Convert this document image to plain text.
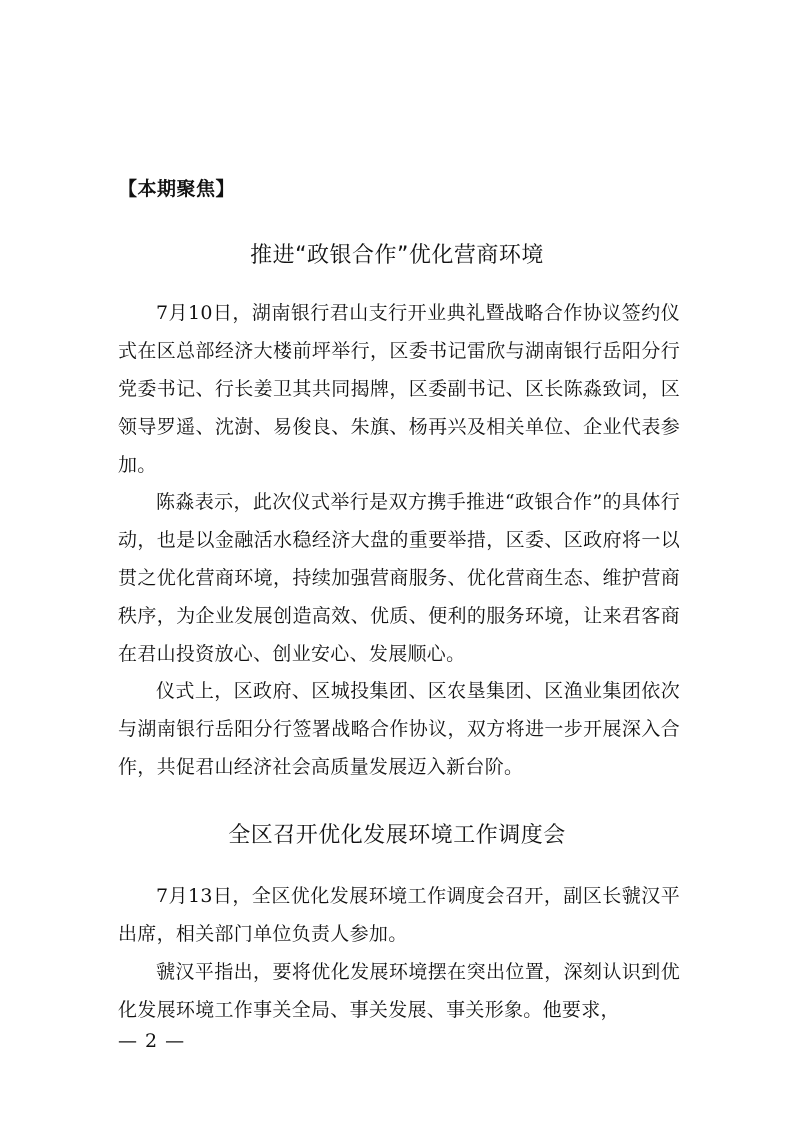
【本期聚焦】
推进“政银合作”优化营商环境

7月10日，湖南银行君山支行开业典礼暨战略合作协议签约仪式在区总部经济大楼前坪举行，区委书记雷欣与湖南银行岳阳分行党委书记、行长姜卫其共同揭牌，区委副书记、区长陈淼致词，区领导罗遥、沈澍、易俊良、朱旗、杨再兴及相关单位、企业代表参加。

陈淼表示，此次仪式举行是双方携手推进“政银合作”的具体行动，也是以金融活水稳经济大盘的重要举措，区委、区政府将一以贯之优化营商环境，持续加强营商服务、优化营商生态、维护营商秩序，为企业发展创造高效、优质、便利的服务环境，让来君客商在君山投资放心、创业安心、发展顺心。

仪式上，区政府、区城投集团、区农垦集团、区渔业集团依次与湖南银行岳阳分行签署战略合作协议，双方将进一步开展深入合作，共促君山经济社会高质量发展迈入新台阶。

全区召开优化发展环境工作调度会

7月13日，全区优化发展环境工作调度会召开，副区长虢汉平出席，相关部门单位负责人参加。

虢汉平指出，要将优化发展环境摆在突出位置，深刻认识到优化发展环境工作事关全局、事关发展、事关形象。他要求，

— 2 —
